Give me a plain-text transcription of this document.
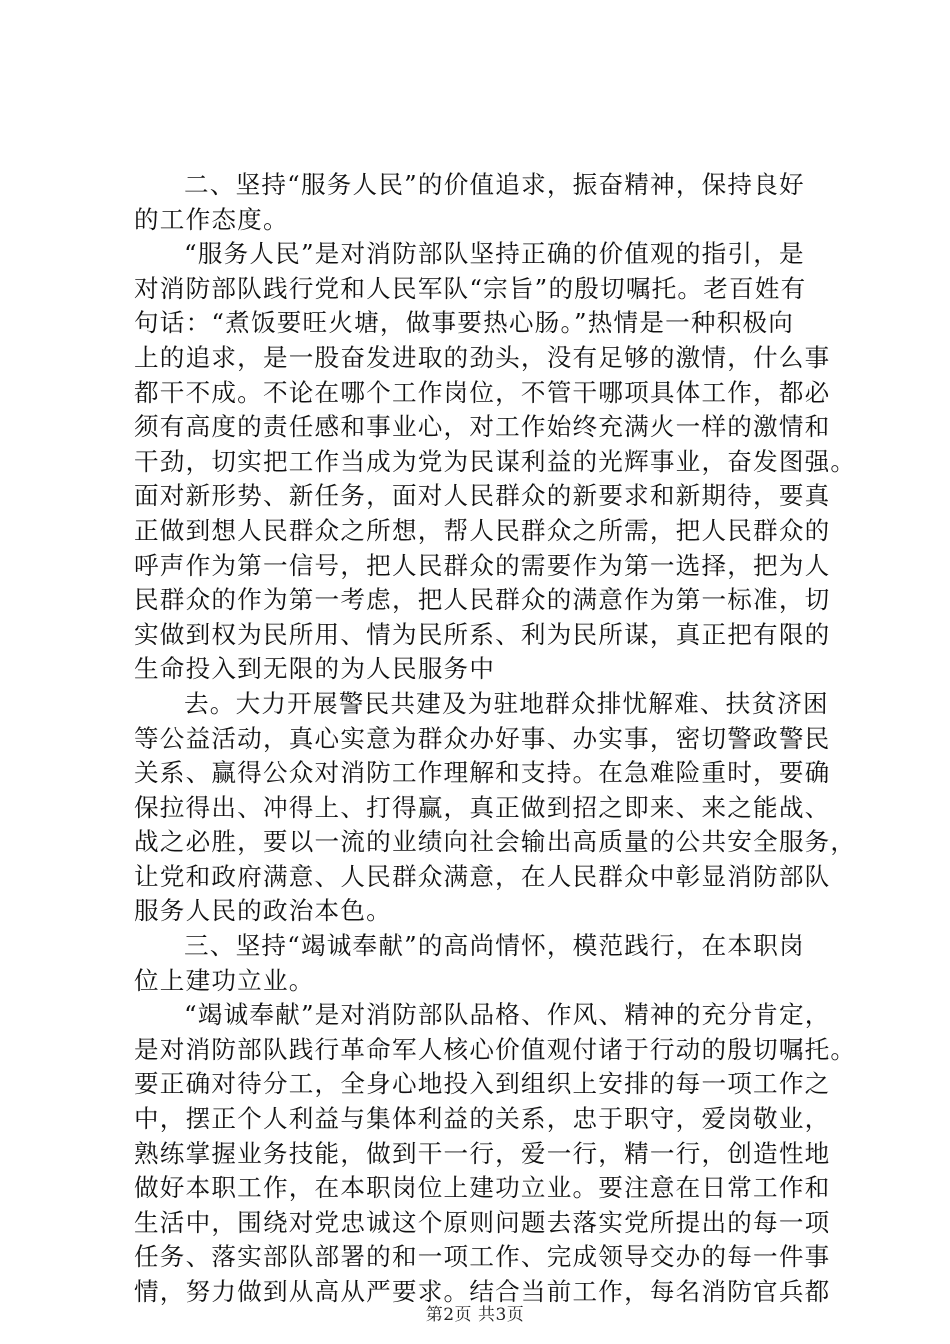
二、坚持“服务人民”的价值追求，振奋精神，保持良好
的工作态度。
“服务人民”是对消防部队坚持正确的价值观的指引，是
对消防部队践行党和人民军队“宗旨”的殷切嘱托。老百姓有
句话：“煮饭要旺火塘，做事要热心肠。”热情是一种积极向
上的追求，是一股奋发进取的劲头，没有足够的激情，什么事
都干不成。不论在哪个工作岗位，不管干哪项具体工作，都必
须有高度的责任感和事业心，对工作始终充满火一样的激情和
干劲，切实把工作当成为党为民谋利益的光辉事业，奋发图强。
面对新形势、新任务，面对人民群众的新要求和新期待，要真
正做到想人民群众之所想，帮人民群众之所需，把人民群众的
呼声作为第一信号，把人民群众的需要作为第一选择，把为人
民群众的作为第一考虑，把人民群众的满意作为第一标准，切
实做到权为民所用、情为民所系、利为民所谋，真正把有限的
生命投入到无限的为人民服务中
去。大力开展警民共建及为驻地群众排忧解难、扶贫济困
等公益活动，真心实意为群众办好事、办实事，密切警政警民
关系、赢得公众对消防工作理解和支持。在急难险重时，要确
保拉得出、冲得上、打得赢，真正做到招之即来、来之能战、
战之必胜，要以一流的业绩向社会输出高质量的公共安全服务，
让党和政府满意、人民群众满意，在人民群众中彰显消防部队
服务人民的政治本色。
三、坚持“竭诚奉献”的高尚情怀，模范践行，在本职岗
位上建功立业。
“竭诚奉献”是对消防部队品格、作风、精神的充分肯定，
是对消防部队践行革命军人核心价值观付诸于行动的殷切嘱托。
要正确对待分工，全身心地投入到组织上安排的每一项工作之
中，摆正个人利益与集体利益的关系，忠于职守，爱岗敬业，
熟练掌握业务技能，做到干一行，爱一行，精一行，创造性地
做好本职工作，在本职岗位上建功立业。要注意在日常工作和
生活中，围绕对党忠诚这个原则问题去落实党所提出的每一项
任务、落实部队部署的和一项工作、完成领导交办的每一件事
情，努力做到从高从严要求。结合当前工作，每名消防官兵都
第2页 共3页
